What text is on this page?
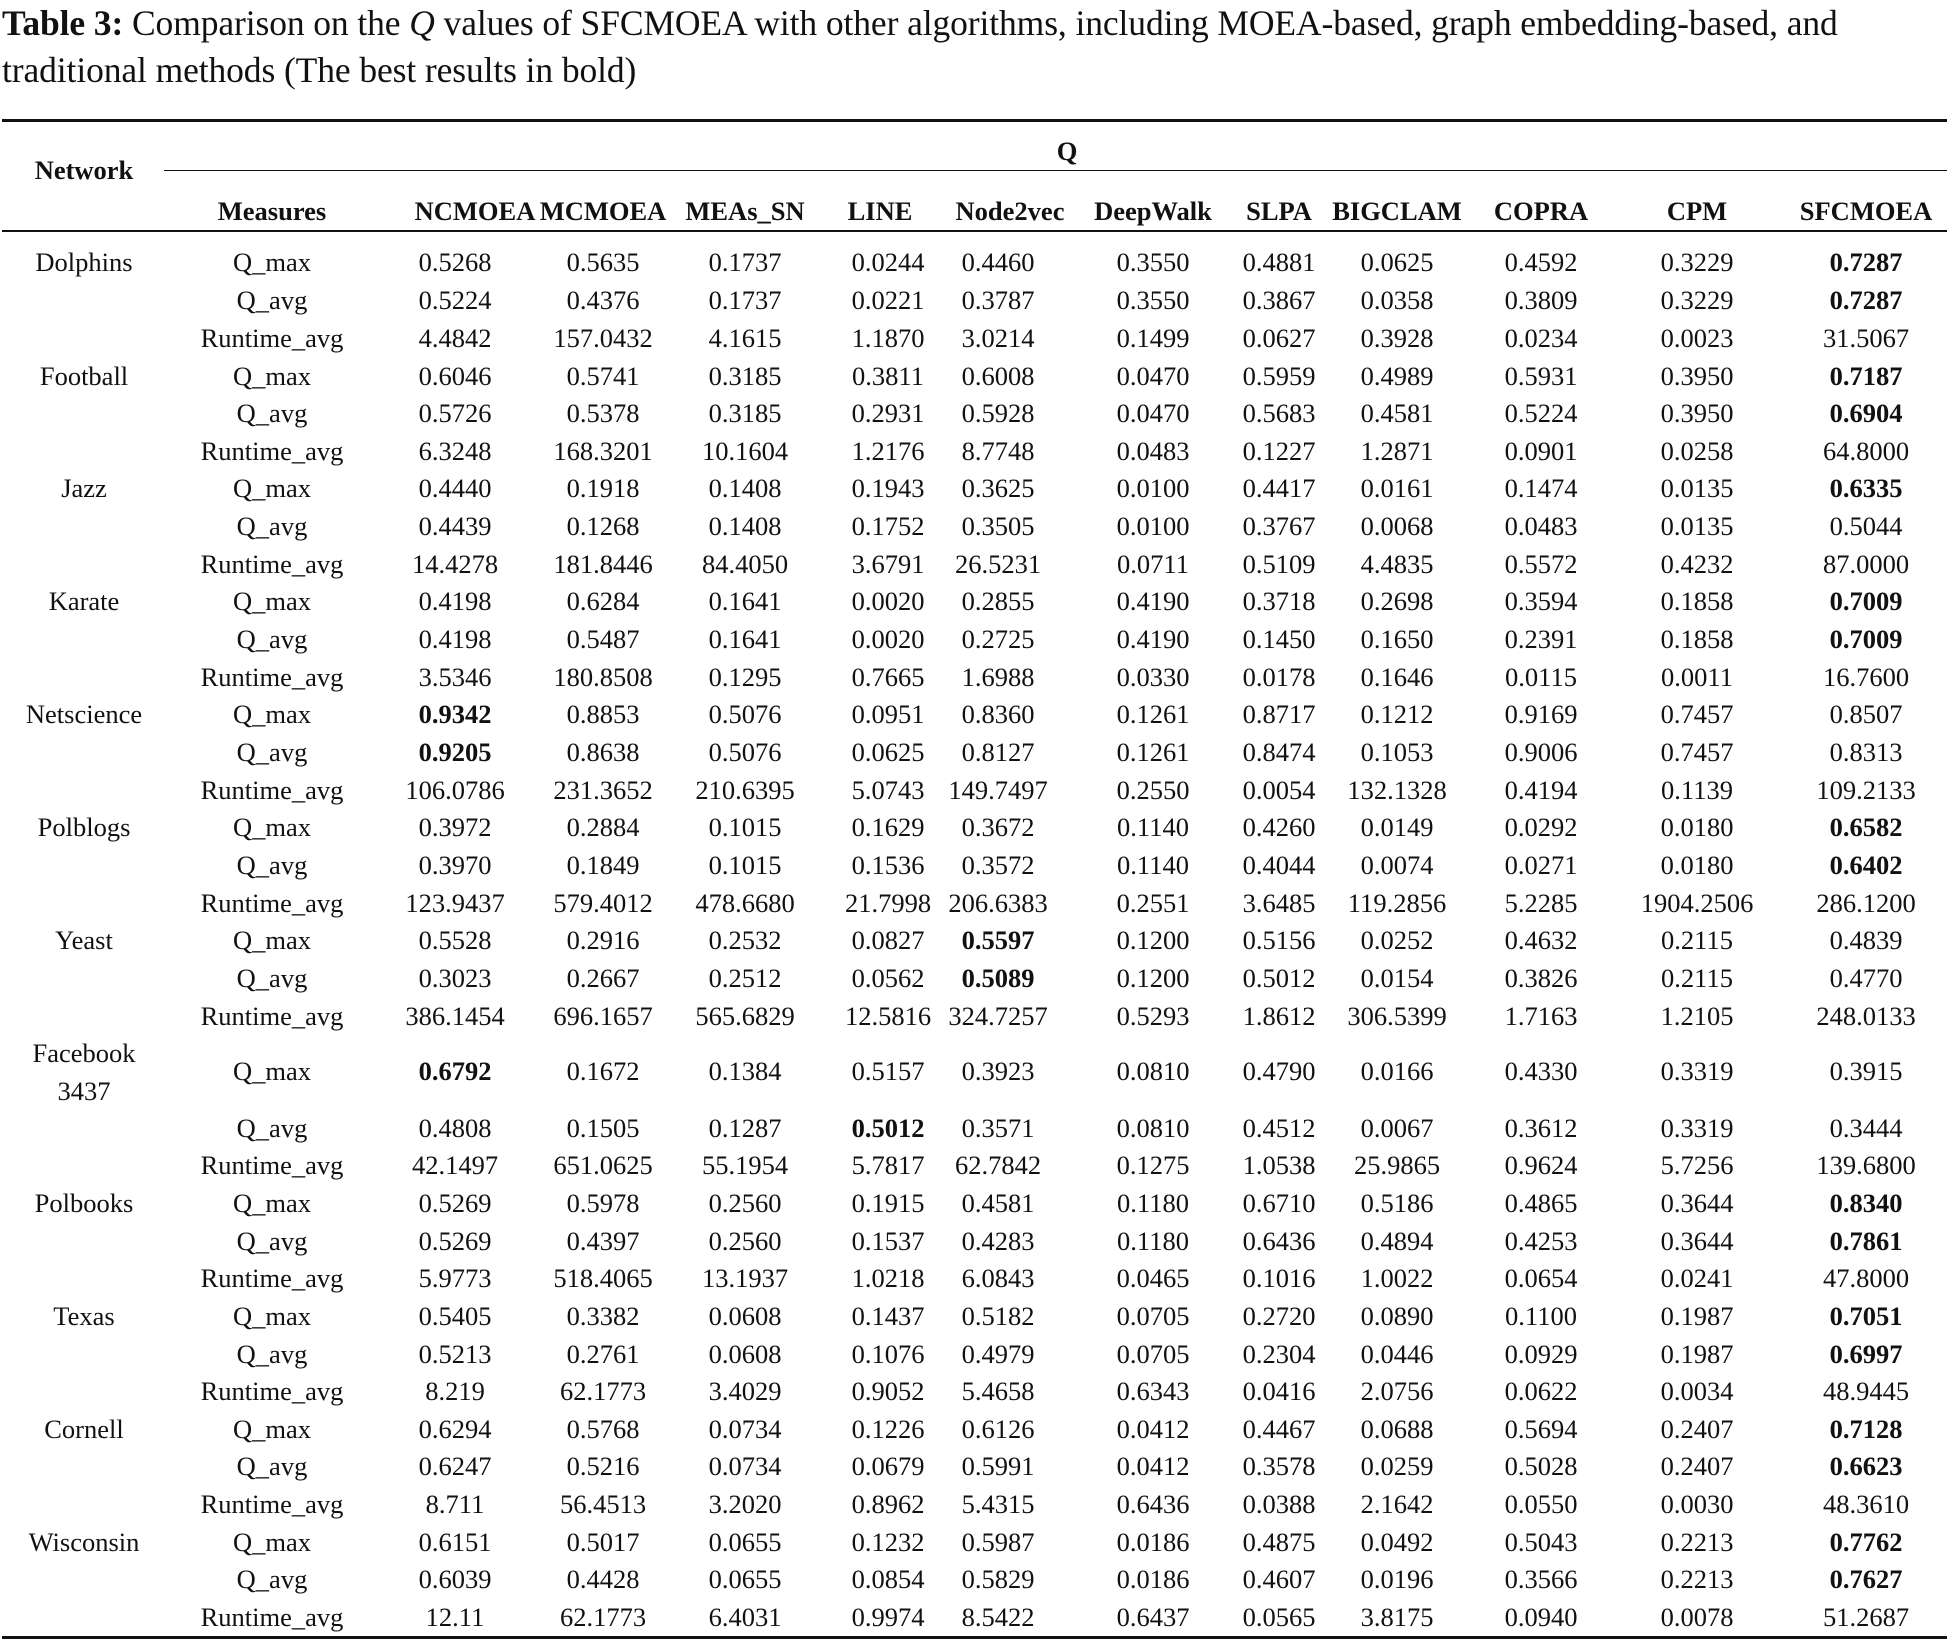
Table 3: Comparison on the Q values of SFCMOEA with other algorithms, including MOEA-based, graph embedding-based, and traditional methods (The best results in bold)
Network
Q
Measures	NCMOEA MCMOEA MEAs_SN LINE Node2vec DeepWalk SLPA BIGCLAM COPRA	CPM	SFCMOEA
Dolphins	Q_max	0.5268	0.5635	0.1737	0.0244 0.4460	0.3550 0.4881 0.0625	0.4592	0.3229	0.7287
Q_avg	0.5224	0.4376	0.1737	0.0221 0.3787	0.3550 0.3867 0.0358	0.3809	0.3229	0.7287
Runtime_avg	4.4842 157.0432 4.1615	1.1870 3.0214	0.1499 0.0627 0.3928	0.0234	0.0023	31.5067
Football	Q_max	0.6046	0.5741	0.3185	0.3811 0.6008	0.0470 0.5959 0.4989	0.5931	0.3950	0.7187
Q_avg	0.5726	0.5378	0.3185	0.2931 0.5928	0.0470 0.5683 0.4581	0.5224	0.3950	0.6904
Runtime_avg	6.3248 168.3201 10.1604 1.2176 8.7748	0.0483 0.1227 1.2871	0.0901	0.0258	64.8000
Jazz	Q_max	0.4440	0.1918	0.1408	0.1943 0.3625	0.0100 0.4417 0.0161	0.1474	0.0135	0.6335
Q_avg	0.4439	0.1268	0.1408	0.1752 0.3505	0.0100 0.3767 0.0068	0.0483	0.0135	0.5044
Runtime_avg	14.4278 181.8446 84.4050 3.6791 26.5231	0.0711 0.5109 4.4835	0.5572	0.4232	87.0000
Karate	Q_max	0.4198	0.6284	0.1641	0.0020 0.2855	0.4190 0.3718 0.2698	0.3594	0.1858	0.7009
Q_avg	0.4198	0.5487	0.1641	0.0020 0.2725	0.4190 0.1450 0.1650	0.2391	0.1858	0.7009
Runtime_avg	3.5346 180.8508 0.1295	0.7665 1.6988	0.0330 0.0178 0.1646	0.0115	0.0011	16.7600
Netscience	Q_max	0.9342	0.8853	0.5076	0.0951 0.8360	0.1261 0.8717 0.1212	0.9169	0.7457	0.8507
Q_avg	0.9205	0.8638	0.5076	0.0625 0.8127	0.1261 0.8474 0.1053	0.9006	0.7457	0.8313
Runtime_avg 106.0786 231.3652 210.6395 5.0743 149.7497	0.2550 0.0054 132.1328 0.4194	0.1139	109.2133
Polblogs	Q_max	0.3972	0.2884	0.1015	0.1629 0.3672	0.1140 0.4260 0.0149	0.0292	0.0180	0.6582
Q_avg	0.3970	0.1849	0.1015	0.1536 0.3572	0.1140 0.4044 0.0074	0.0271	0.0180	0.6402
Runtime_avg 123.9437 579.4012 478.6680 21.7998 206.6383	0.2551 3.6485 119.2856 5.2285 1904.2506 286.1200
Yeast	Q_max	0.5528	0.2916	0.2532	0.0827 0.5597	0.1200 0.5156 0.0252	0.4632	0.2115	0.4839
Q_avg	0.3023	0.2667	0.2512	0.0562 0.5089	0.1200 0.5012 0.0154	0.3826	0.2115	0.4770
Runtime_avg 386.1454 696.1657 565.6829 12.5816 324.7257	0.5293 1.8612 306.5399 1.7163	1.2105	248.0133
Facebook
3437
Q_max	0.6792	0.1672	0.1384	0.5157 0.3923	0.0810 0.4790 0.0166	0.4330	0.3319	0.3915
Q_avg	0.4808	0.1505	0.1287	0.5012 0.3571	0.0810 0.4512 0.0067	0.3612	0.3319	0.3444
Runtime_avg	42.1497 651.0625 55.1954 5.7817 62.7842	0.1275 1.0538 25.9865 0.9624	5.7256	139.6800
Polbooks	Q_max	0.5269	0.5978	0.2560	0.1915 0.4581	0.1180 0.6710 0.5186	0.4865	0.3644	0.8340
Q_avg	0.5269	0.4397	0.2560	0.1537 0.4283	0.1180 0.6436 0.4894	0.4253	0.3644	0.7861
Runtime_avg	5.9773 518.4065 13.1937 1.0218 6.0843	0.0465 0.1016 1.0022	0.0654	0.0241	47.8000
Texas	Q_max	0.5405	0.3382	0.0608	0.1437 0.5182	0.0705 0.2720 0.0890	0.1100	0.1987	0.7051
Q_avg	0.5213	0.2761	0.0608	0.1076 0.4979	0.0705 0.2304 0.0446	0.0929	0.1987	0.6997
Runtime_avg	8.219	62.1773 3.4029	0.9052 5.4658	0.6343 0.0416 2.0756	0.0622	0.0034	48.9445
Cornell	Q_max	0.6294	0.5768	0.0734	0.1226 0.6126	0.0412 0.4467 0.0688	0.5694	0.2407	0.7128
Q_avg	0.6247	0.5216	0.0734	0.0679 0.5991	0.0412 0.3578 0.0259	0.5028	0.2407	0.6623
Runtime_avg	8.711	56.4513 3.2020	0.8962 5.4315	0.6436 0.0388 2.1642	0.0550	0.0030	48.3610
Wisconsin	Q_max	0.6151	0.5017	0.0655	0.1232 0.5987	0.0186 0.4875 0.0492	0.5043	0.2213	0.7762
Q_avg	0.6039	0.4428	0.0655	0.0854 0.5829	0.0186 0.4607 0.0196	0.3566	0.2213	0.7627
Runtime_avg	12.11	62.1773 6.4031	0.9974 8.5422	0.6437 0.0565 3.8175	0.0940	0.0078	51.2687
